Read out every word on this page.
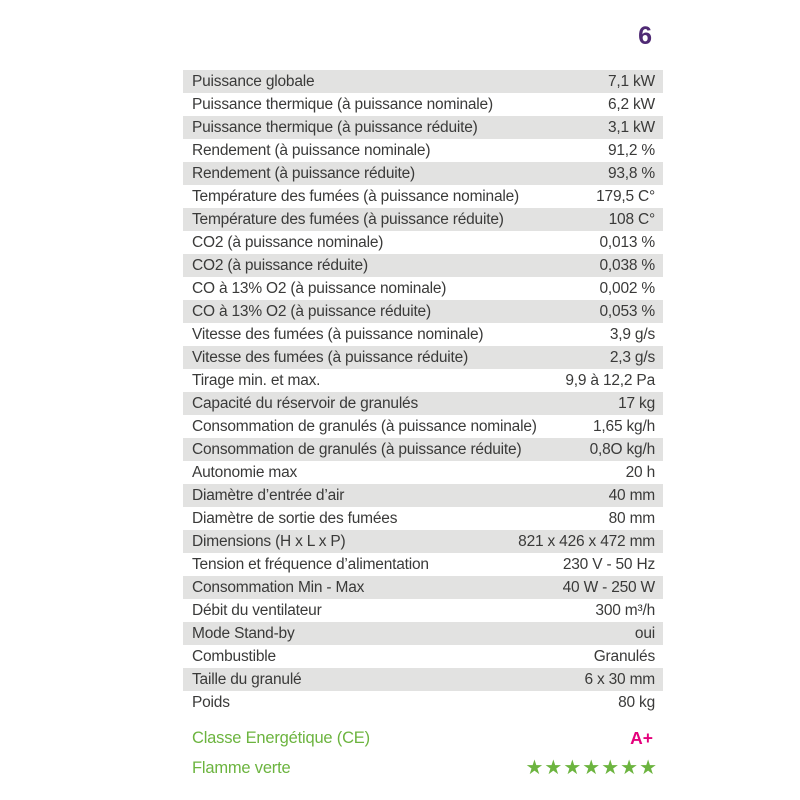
6
Puissance globale	7,1 kW
Puissance thermique (à puissance nominale)	6,2 kW
Puissance thermique (à puissance réduite)	3,1 kW
Rendement (à puissance nominale)	91,2 %
Rendement (à puissance réduite)	93,8 %
Température des fumées (à puissance nominale)	179,5 C°
Température des fumées (à puissance réduite)	108 C°
CO2 (à puissance nominale)	0,013 %
CO2 (à puissance réduite)	0,038 %
CO à 13% O2 (à puissance nominale)	0,002 %
CO à 13% O2 (à puissance réduite)	0,053 %
Vitesse des fumées (à puissance nominale)	3,9 g/s
Vitesse des fumées (à puissance réduite)	2,3 g/s
Tirage min. et max.	9,9 à 12,2 Pa
Capacité du réservoir de granulés	17 kg
Consommation de granulés (à puissance nominale)	1,65 kg/h
Consommation de granulés (à puissance réduite)	0,8O kg/h
Autonomie max	20 h
Diamètre d’entrée d’air	40 mm
Diamètre de sortie des fumées	80 mm
Dimensions (H x L x P)	821 x 426 x 472 mm
Tension et fréquence d’alimentation	230 V - 50 Hz
Consommation Min - Max	40 W - 250 W
Débit du ventilateur	300 m³/h
Mode Stand-by	oui
Combustible	Granulés
Taille du granulé	6 x 30 mm
Poids	80 kg
Classe Energétique (CE)	A+
Flamme verte	★★★★★★★
